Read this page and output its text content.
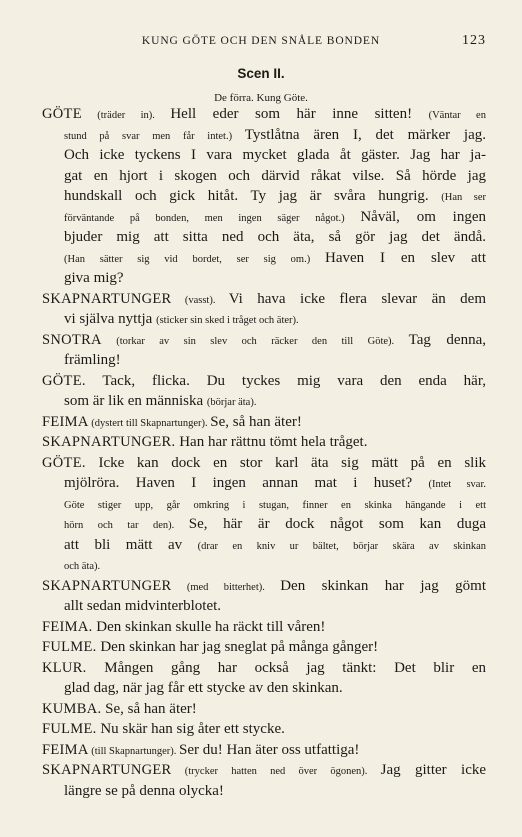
KUNG GÖTE OCH DEN SNÅLE BONDEN	123
Scen II.
De förra. Kung Göte.
GÖTE (träder in). Hell eder som här inne sitten! (Väntar en
stund på svar men får intet.) Tystlåtna ären I, det märker jag.
Och icke tyckens I vara mycket glada åt gäster. Jag har ja-
gat en hjort i skogen och därvid råkat vilse. Så hörde jag
hundskall och gick hitåt. Ty jag är svåra hungrig. (Han ser
förväntande på bonden, men ingen säger något.) Nåväl, om ingen
bjuder mig att sitta ned och äta, så gör jag det ändå.
(Han sätter sig vid bordet, ser sig om.) Haven I en slev att
giva mig?
SKAPNARTUNGER (vasst). Vi hava icke flera slevar än dem
vi själva nyttja (sticker sin sked i tråget och äter).
SNOTRA (torkar av sin slev och räcker den till Göte). Tag denna,
främling!
GÖTE. Tack, flicka. Du tyckes mig vara den enda här,
som är lik en människa (börjar äta).
FEIMA (dystert till Skapnartunger). Se, så han äter!
SKAPNARTUNGER. Han har rättnu tömt hela tråget.
GÖTE. Icke kan dock en stor karl äta sig mätt på en slik
mjölröra. Haven I ingen annan mat i huset? (Intet svar.
Göte stiger upp, går omkring i stugan, finner en skinka hängande i ett
hörn och tar den). Se, här är dock något som kan duga
att bli mätt av (drar en kniv ur bältet, börjar skära av skinkan
och äta).
SKAPNARTUNGER (med bitterhet). Den skinkan har jag gömt
allt sedan midvinterblotet.
FEIMA. Den skinkan skulle ha räckt till våren!
FULME. Den skinkan har jag sneglat på många gånger!
KLUR. Mången gång har också jag tänkt: Det blir en
glad dag, när jag får ett stycke av den skinkan.
KUMBA. Se, så han äter!
FULME. Nu skär han sig åter ett stycke.
FEIMA (till Skapnartunger). Ser du! Han äter oss utfattiga!
SKAPNARTUNGER (trycker hatten ned över ögonen). Jag gitter icke
längre se på denna olycka!
